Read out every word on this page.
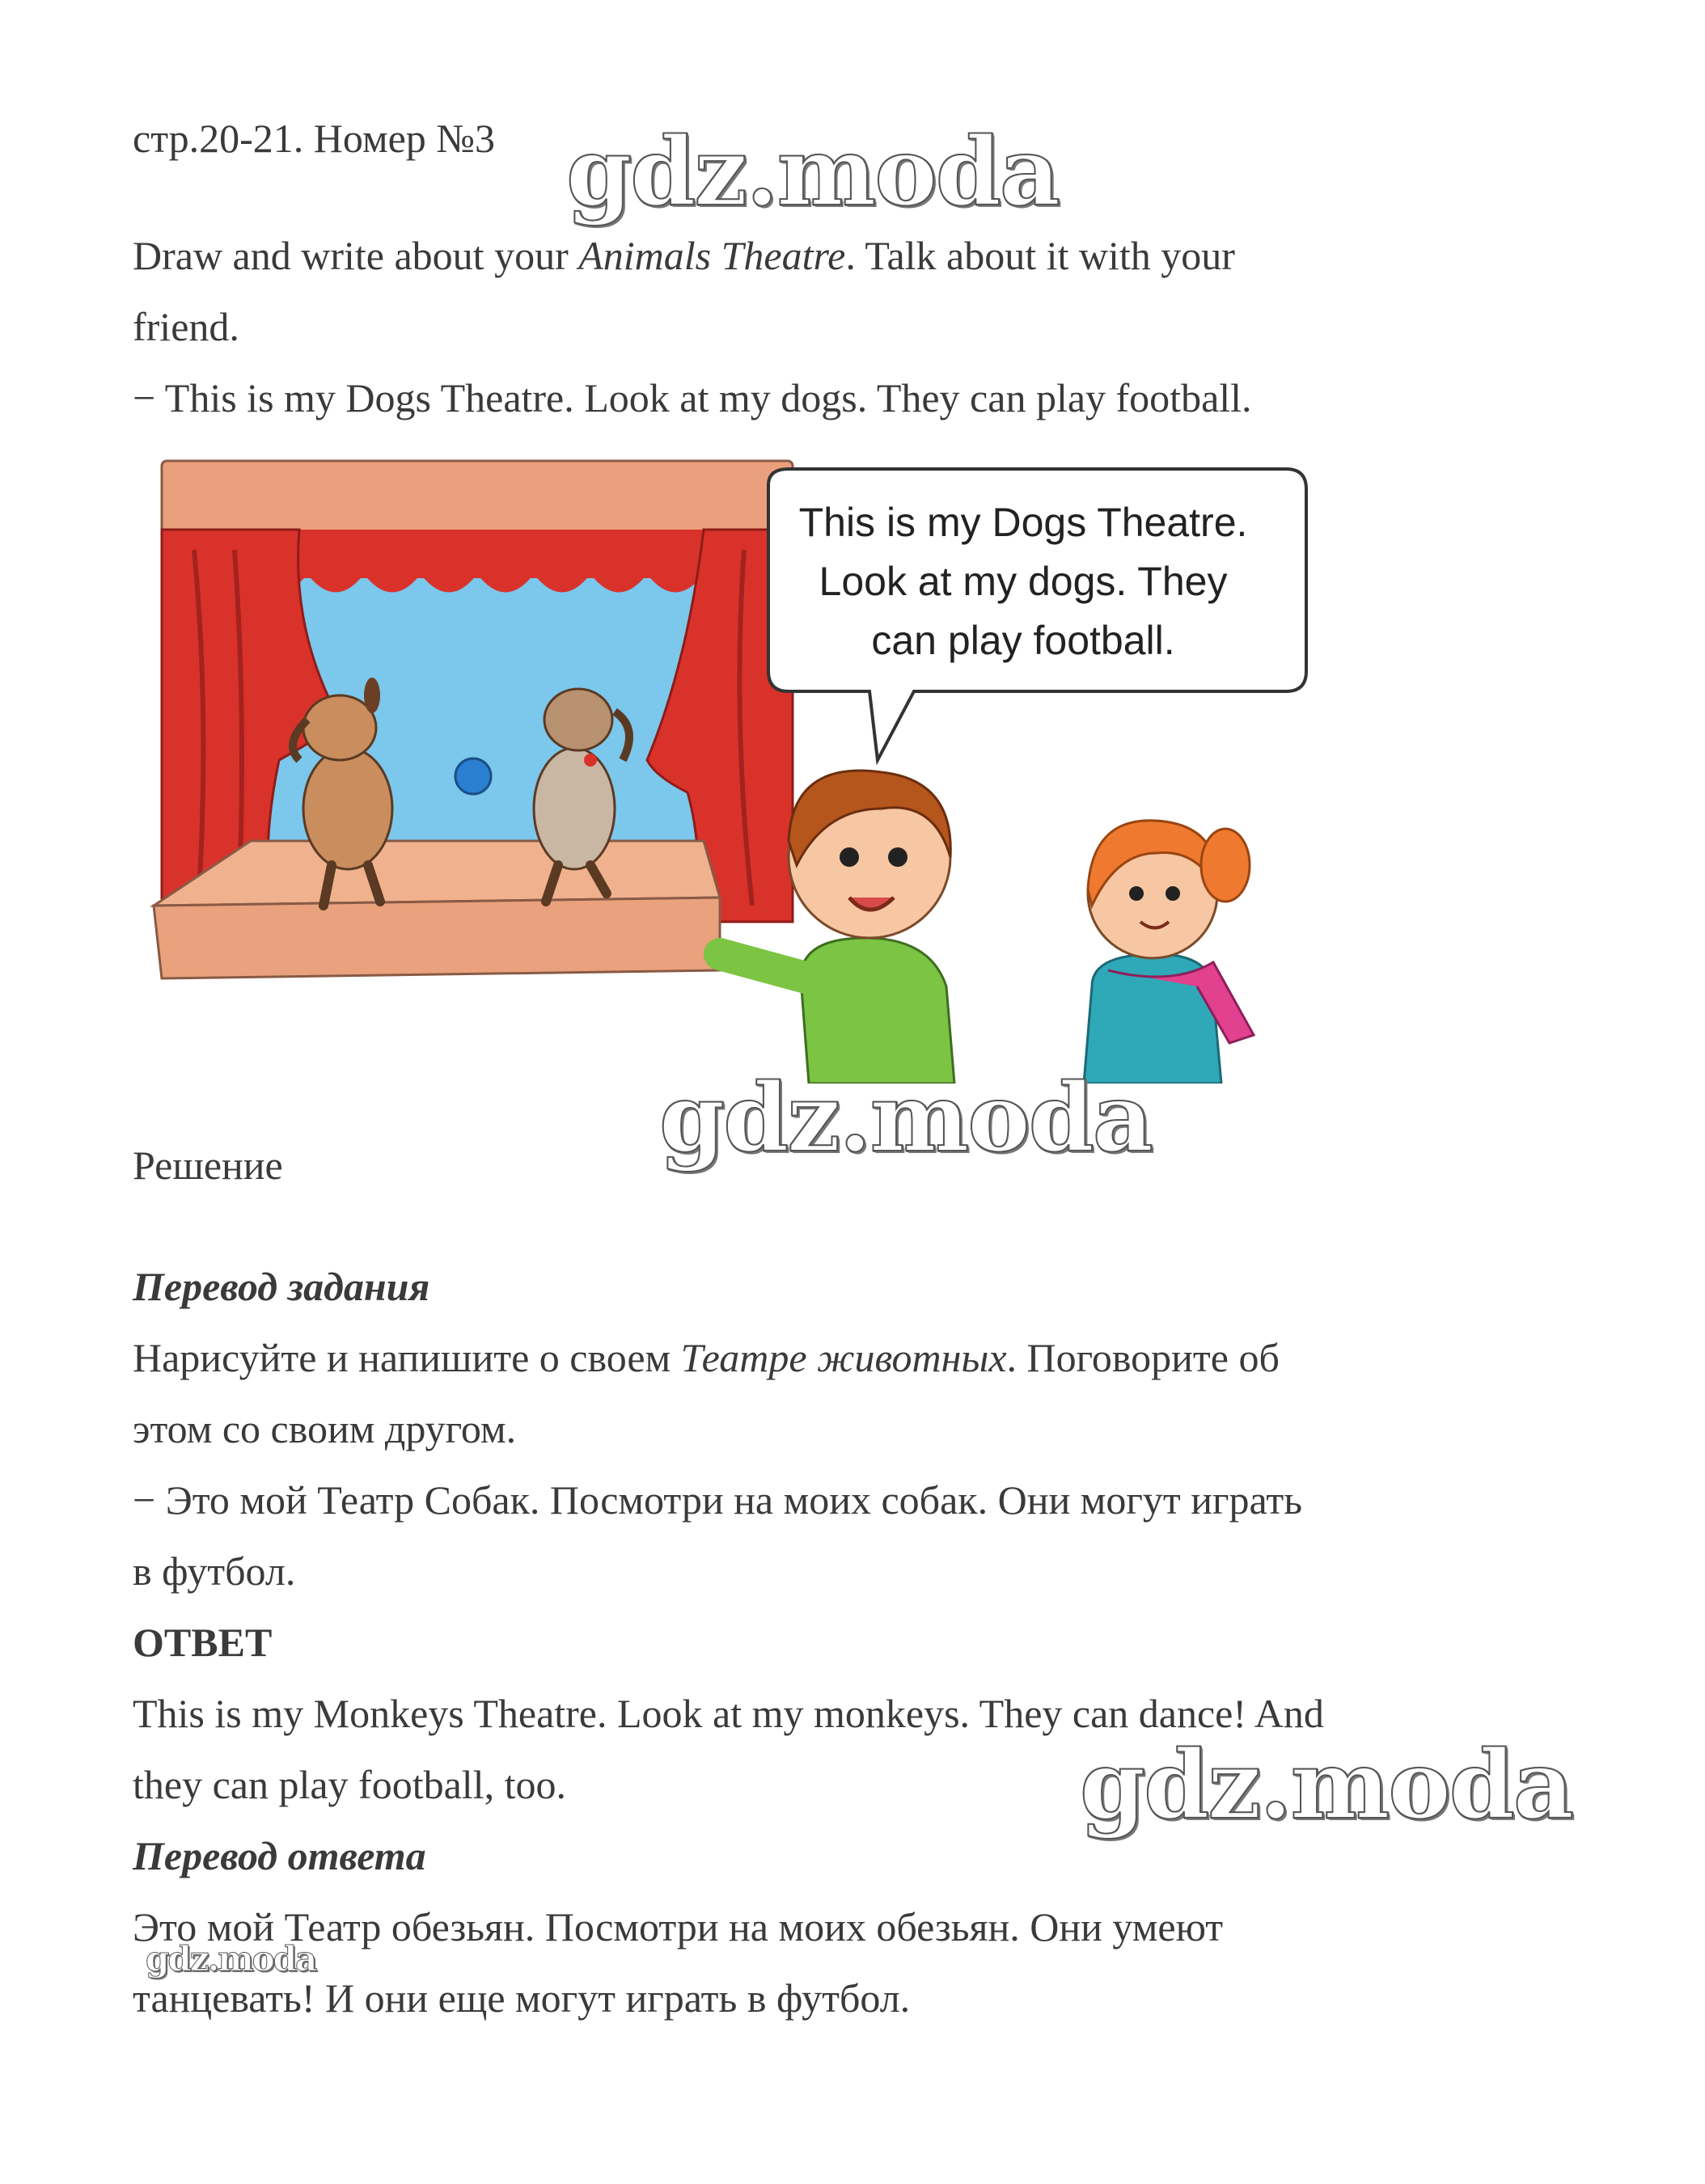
стр.20-21. Номер №3 gdz.moda

Draw and write about your Animals Theatre. Talk about it with your

friend.

− This is my Dogs Theatre. Look at my dogs. They can play football.

This is my Dogs Theatre.
Look at my dogs. They
can play football.

Решение	gdz.moda

Перевод задания

Нарисуйте и напишите о своем Театре животных. Поговорите об

этом со своим другом.

− Это мой Театр Собак. Посмотри на моих собак. Они могут играть

в футбол.

ОТВЕТ

This is my Monkeys Theatre. Look at my monkeys. They can dance! And

they can play football, too.	gdz.moda

Перевод ответа

Это мой Театр обезьян. Посмотри на моих обезьян. Они умеют

танцевать! И они еще могут играть в футбол.

gdz.moda
